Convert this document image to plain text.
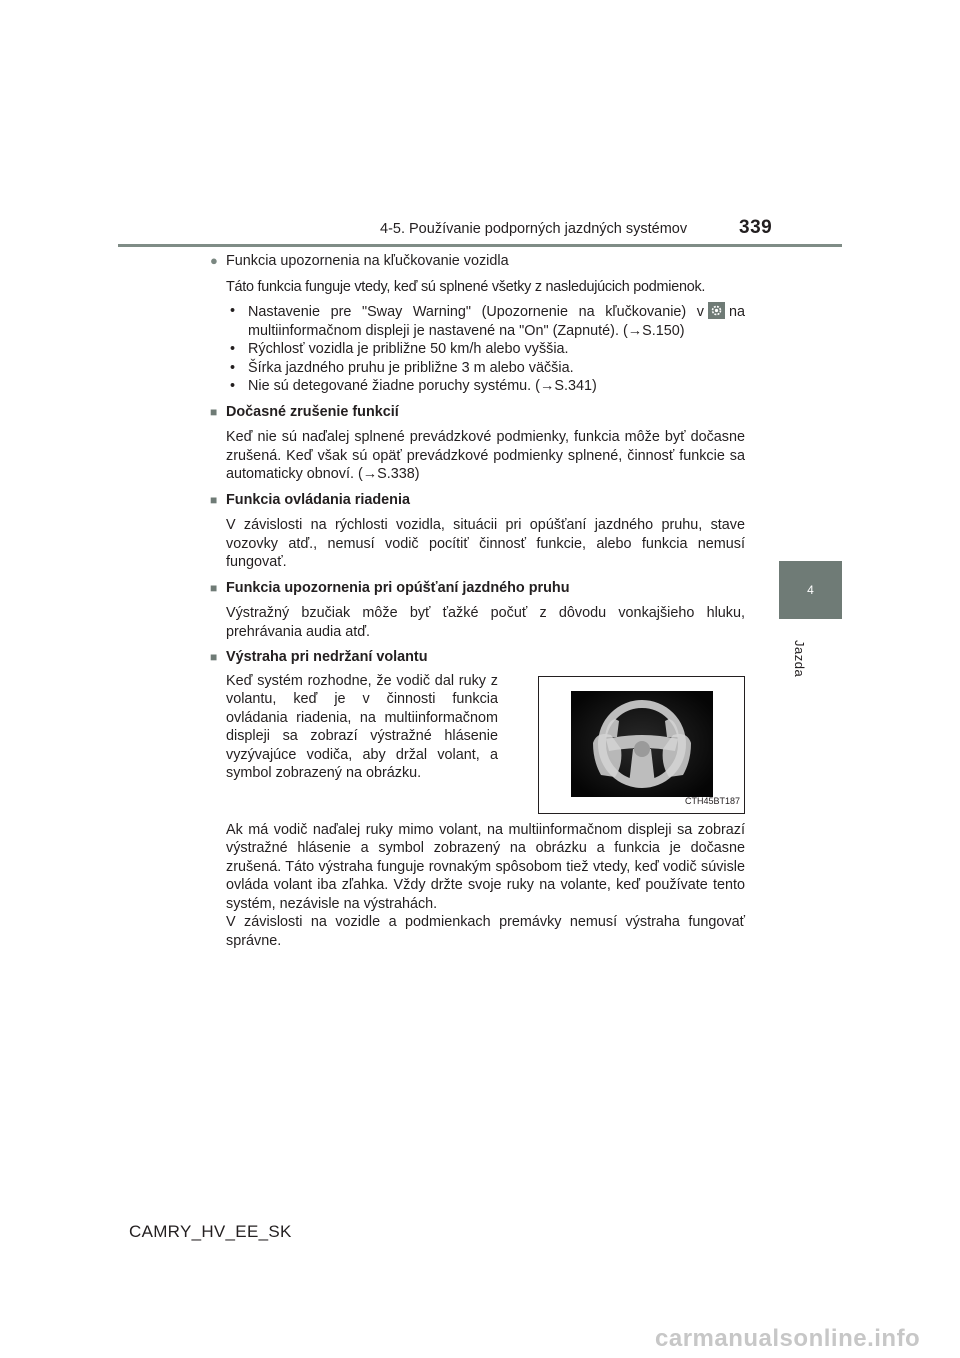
4-5. Používanie podporných jazdných systémov	339
4
Jazda

● Funkcia upozornenia na kľučkovanie vozidla

Táto funkcia funguje vtedy, keď sú splnené všetky z nasledujúcich podmienok.

• Nastavenie pre "Sway Warning" (Upozornenie na kľučkovanie) v na multiinformačnom displeji je nastavené na "On" (Zapnuté). (→S.150)
• Rýchlosť vozidla je približne 50 km/h alebo vyššia.
• Šírka jazdného pruhu je približne 3 m alebo väčšia.
• Nie sú detegované žiadne poruchy systému. (→S.341)

■ Dočasné zrušenie funkcií

Keď nie sú naďalej splnené prevádzkové podmienky, funkcia môže byť dočasne zrušená. Keď však sú opäť prevádzkové podmienky splnené, činnosť funkcie sa automaticky obnoví. (→S.338)

■ Funkcia ovládania riadenia

V závislosti na rýchlosti vozidla, situácii pri opúšťaní jazdného pruhu, stave vozovky atď., nemusí vodič pocítiť činnosť funkcie, alebo funkcia nemusí fungovať.

■ Funkcia upozornenia pri opúšťaní jazdného pruhu

Výstražný bzučiak môže byť ťažké počuť z dôvodu vonkajšieho hluku, prehrávania audia atď.

■ Výstraha pri nedržaní volantu

Keď systém rozhodne, že vodič dal ruky z volantu, keď je v činnosti funkcia ovládania riadenia, na multiinformačnom displeji sa zobrazí výstražné hlásenie vyzývajúce vodiča, aby držal volant, a symbol zobrazený na obrázku.

CTH45BT187

Ak má vodič naďalej ruky mimo volant, na multiinformačnom displeji sa zobrazí výstražné hlásenie a symbol zobrazený na obrázku a funkcia je dočasne zrušená. Táto výstraha funguje rovnakým spôsobom tiež vtedy, keď vodič súvisle ovláda volant iba zľahka. Vždy držte svoje ruky na volante, keď používate tento systém, nezávisle na výstrahách.

V závislosti na vozidle a podmienkach premávky nemusí výstraha fungovať správne.

CAMRY_HV_EE_SK
carmanualsonline.info
